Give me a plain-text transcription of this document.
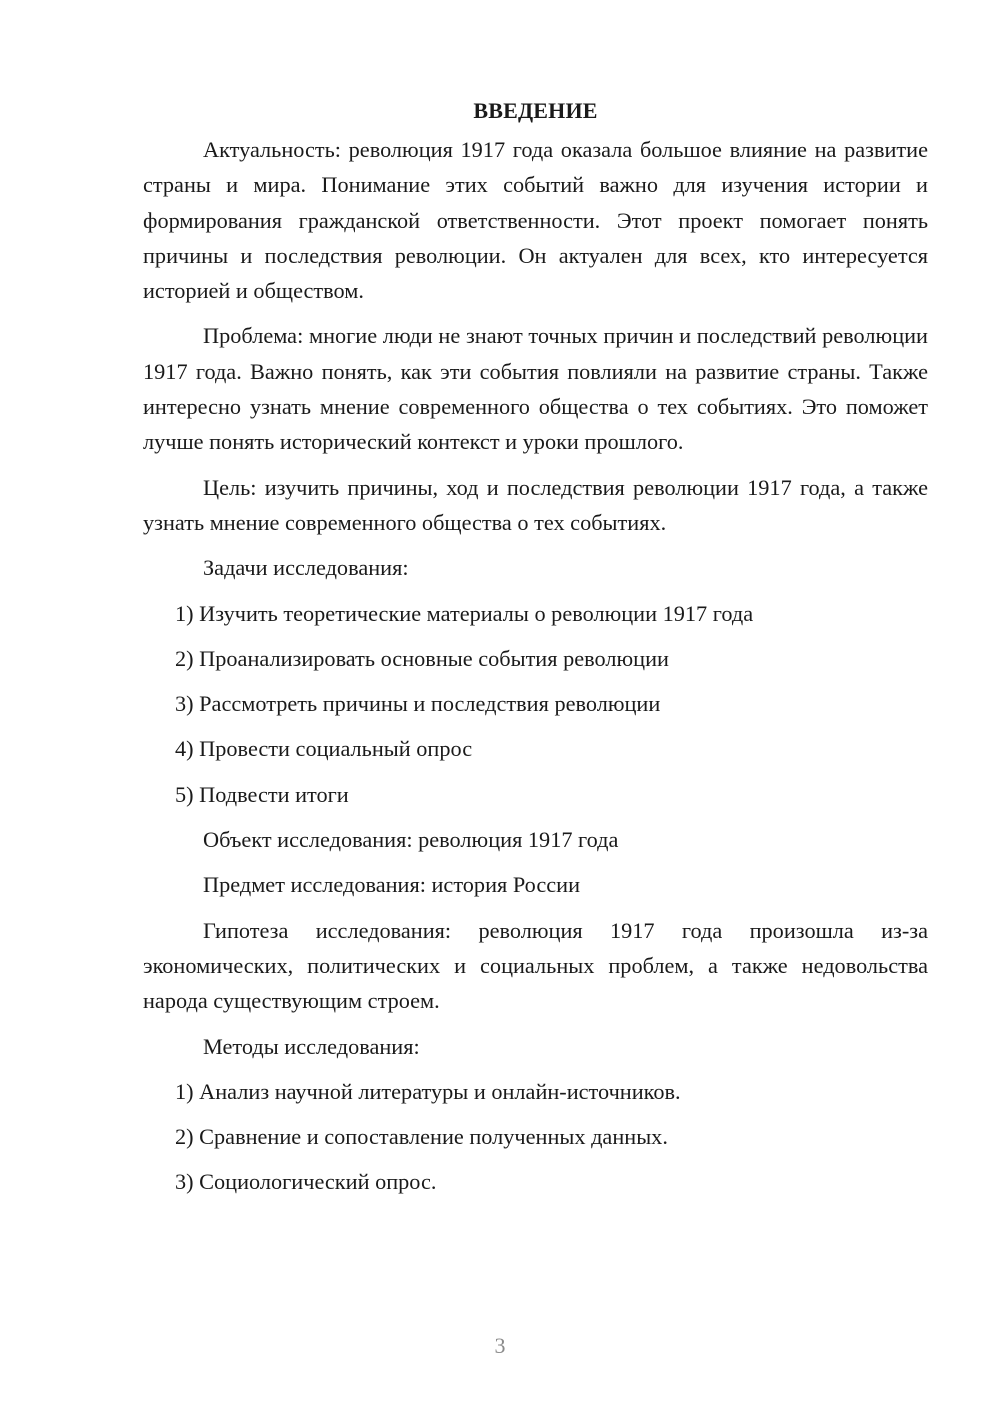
ВВЕДЕНИЕ

Актуальность: революция 1917 года оказала большое влияние на развитие страны и мира. Понимание этих событий важно для изучения истории и формирования гражданской ответственности. Этот проект помогает понять причины и последствия революции. Он актуален для всех, кто интересуется историей и обществом.

Проблема: многие люди не знают точных причин и последствий революции 1917 года. Важно понять, как эти события повлияли на развитие страны. Также интересно узнать мнение современного общества о тех событиях. Это поможет лучше понять исторический контекст и уроки прошлого.

Цель: изучить причины, ход и последствия революции 1917 года, а также узнать мнение современного общества о тех событиях.

Задачи исследования:

1) Изучить теоретические материалы о революции 1917 года
2) Проанализировать основные события революции
3) Рассмотреть причины и последствия революции
4) Провести социальный опрос
5) Подвести итоги

Объект исследования: революция 1917 года

Предмет исследования: история России

Гипотеза исследования: революция 1917 года произошла из-за экономических, политических и социальных проблем, а также недовольства народа существующим строем.

Методы исследования:

1) Анализ научной литературы и онлайн-источников.
2) Сравнение и сопоставление полученных данных.
3) Социологический опрос.
3
